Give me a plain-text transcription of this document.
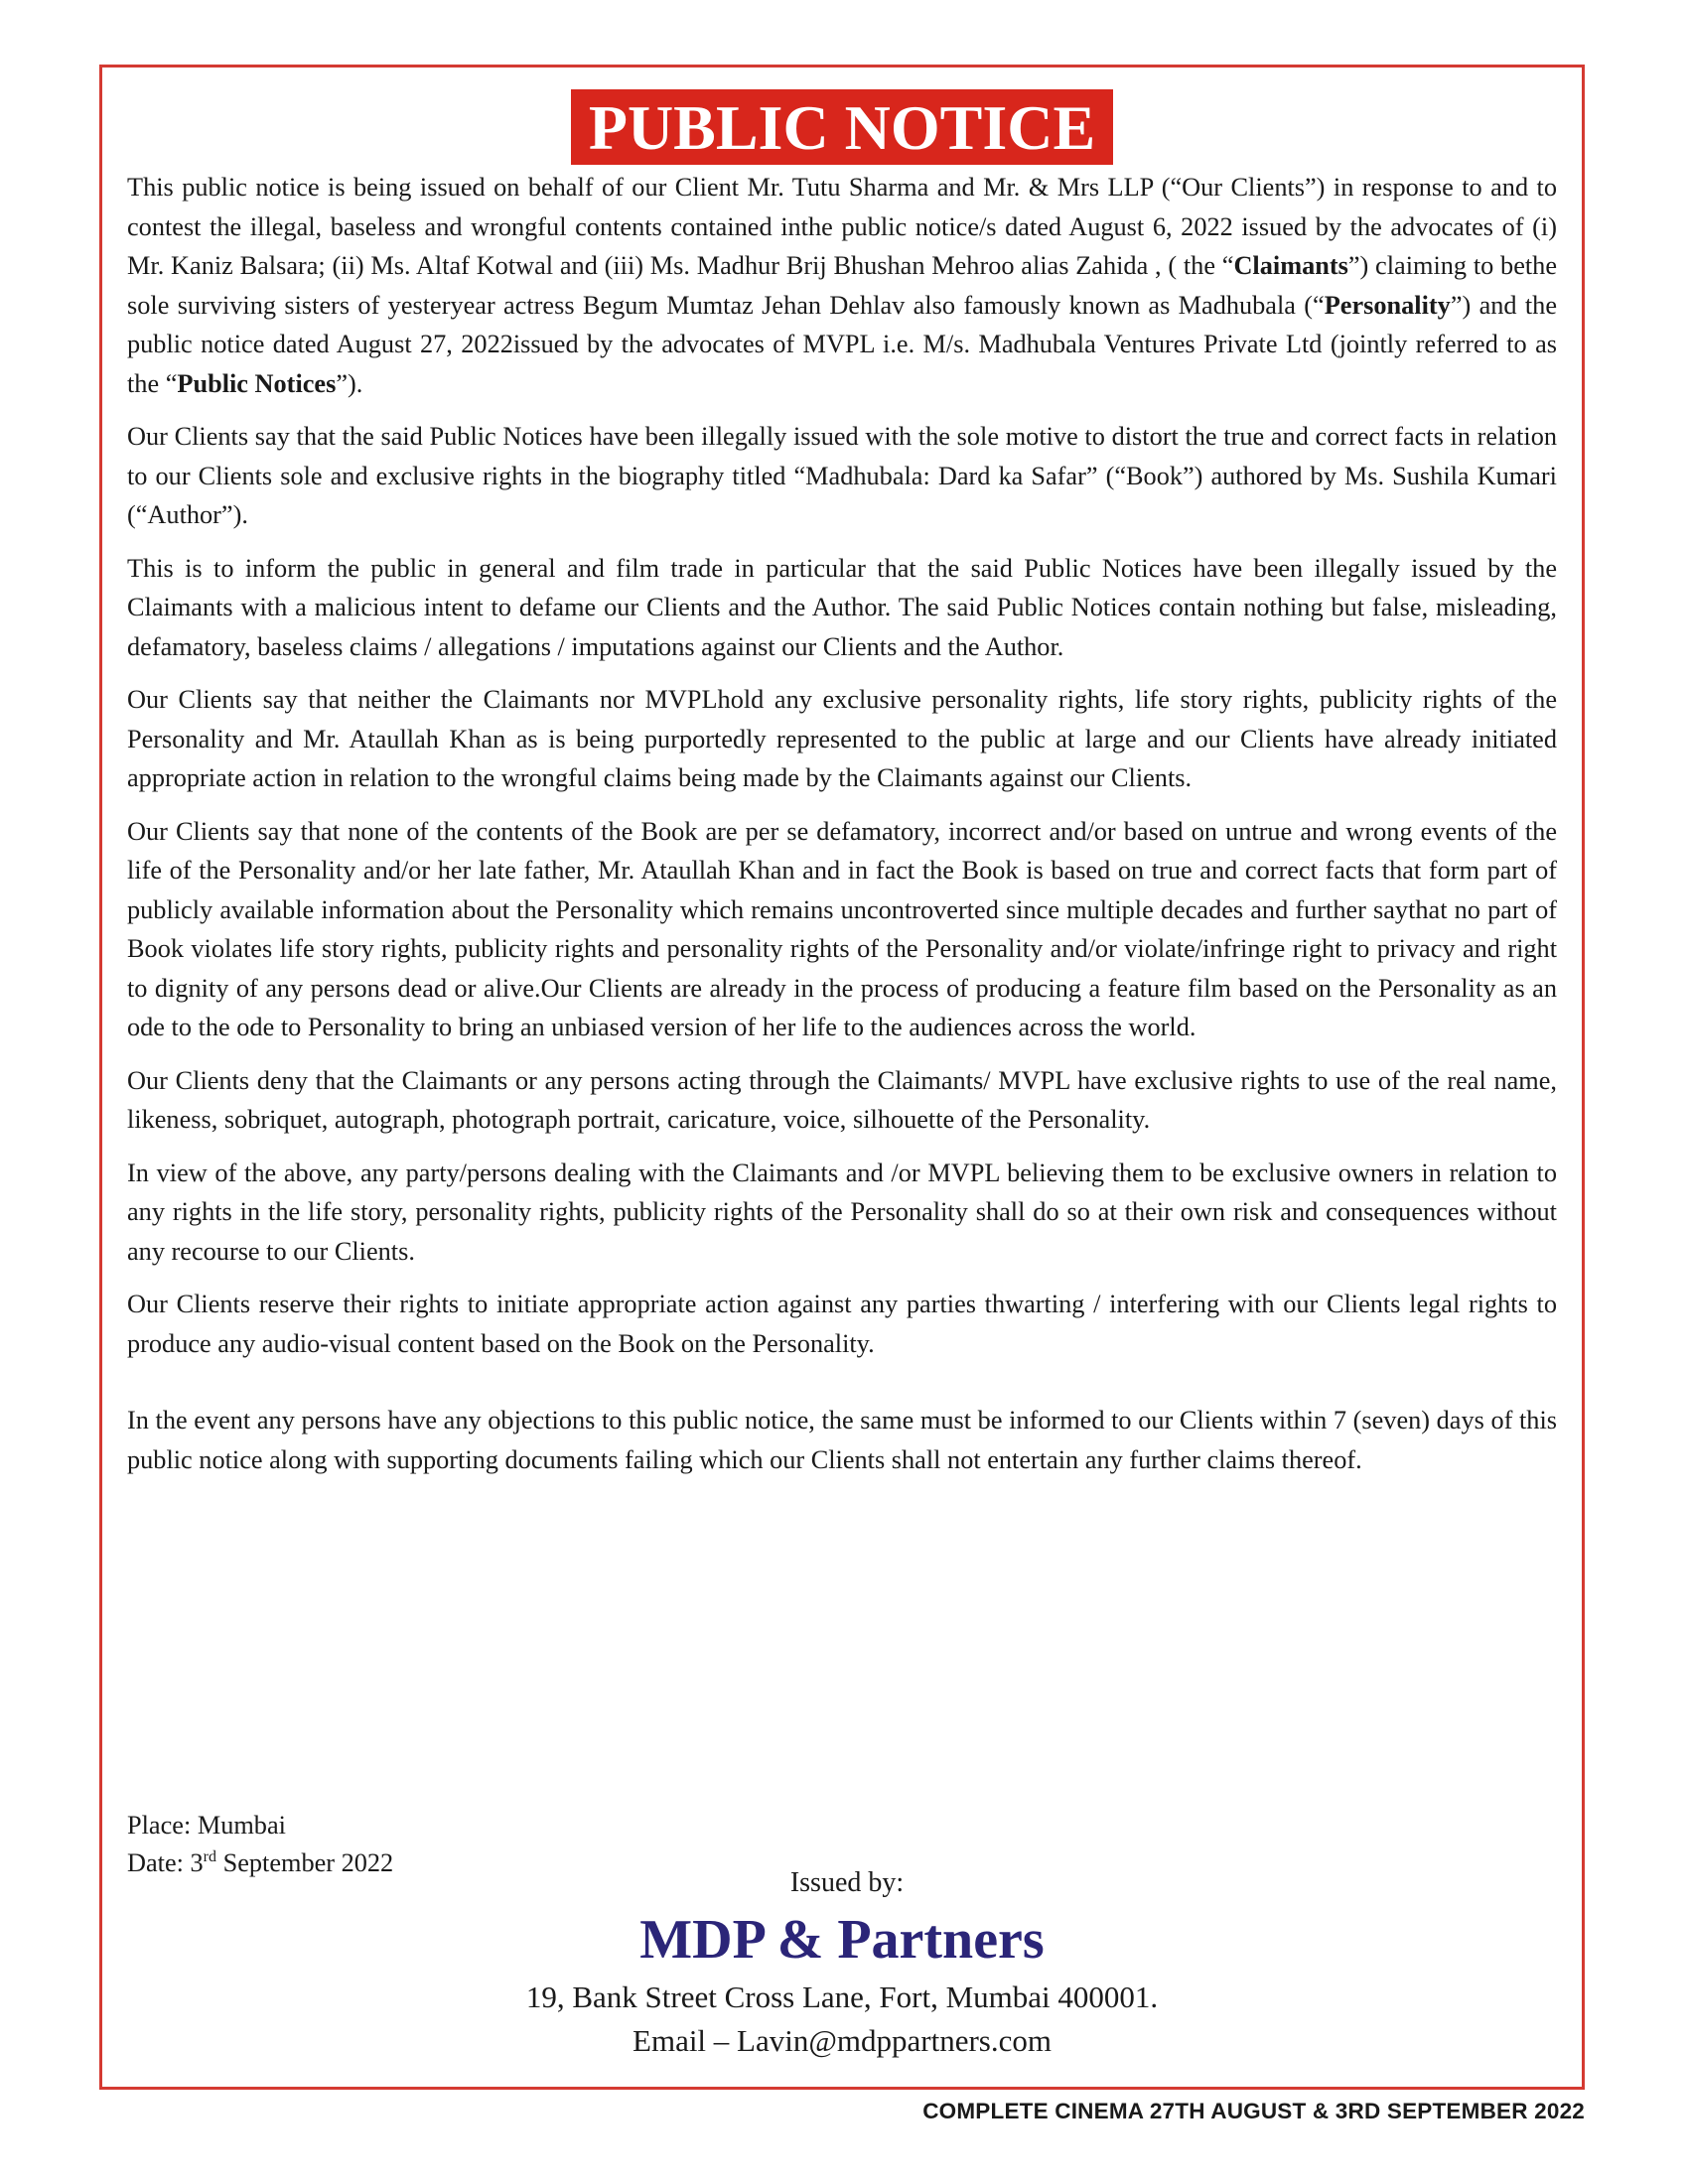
PUBLIC NOTICE

This public notice is being issued on behalf of our Client Mr. Tutu Sharma and Mr. & Mrs LLP (“Our Clients”) in response to and to contest the illegal, baseless and wrongful contents contained inthe public notice/s dated August 6, 2022 issued by the advocates of (i) Mr. Kaniz Balsara; (ii) Ms. Altaf Kotwal and (iii) Ms. Madhur Brij Bhushan Mehroo alias Zahida , ( the “Claimants”) claiming to bethe sole surviving sisters of yesteryear actress Begum Mumtaz Jehan Dehlav also famously known as Madhubala (“Personality”) and the public notice dated August 27, 2022issued by the advocates of MVPL i.e. M/s. Madhubala Ventures Private Ltd (jointly referred to as the “Public Notices”).

Our Clients say that the said Public Notices have been illegally issued with the sole motive to distort the true and correct facts in relation to our Clients sole and exclusive rights in the biography titled “Madhubala: Dard ka Safar” (“Book”) authored by Ms. Sushila Kumari (“Author”).

This is to inform the public in general and film trade in particular that the said Public Notices have been illegally issued by the Claimants with a malicious intent to defame our Clients and the Author. The said Public Notices contain nothing but false, misleading, defamatory, baseless claims / allegations / imputations against our Clients and the Author.

Our Clients say that neither the Claimants nor MVPLhold any exclusive personality rights, life story rights, publicity rights of the Personality and Mr. Ataullah Khan as is being purportedly represented to the public at large and our Clients have already initiated appropriate action in relation to the wrongful claims being made by the Claimants against our Clients.

Our Clients say that none of the contents of the Book are per se defamatory, incorrect and/or based on untrue and wrong events of the life of the Personality and/or her late father, Mr. Ataullah Khan and in fact the Book is based on true and correct facts that form part of publicly available information about the Personality which remains uncontroverted since multiple decades and further saythat no part of Book violates life story rights, publicity rights and personality rights of the Personality and/or violate/infringe right to privacy and right to dignity of any persons dead or alive.Our Clients are already in the process of producing a feature film based on the Personality as an ode to the ode to Personality to bring an unbiased version of her life to the audiences across the world.

Our Clients deny that the Claimants or any persons acting through the Claimants/ MVPL have exclusive rights to use of the real name, likeness, sobriquet, autograph, photograph portrait, caricature, voice, silhouette of the Personality.

In view of the above, any party/persons dealing with the Claimants and /or MVPL believing them to be exclusive owners in relation to any rights in the life story, personality rights, publicity rights of the Personality shall do so at their own risk and consequences without any recourse to our Clients.

Our Clients reserve their rights to initiate appropriate action against any parties thwarting / interfering with our Clients legal rights to produce any audio-visual content based on the Book on the Personality.

In the event any persons have any objections to this public notice, the same must be informed to our Clients within 7 (seven) days of this public notice along with supporting documents failing which our Clients shall not entertain any further claims thereof.

Place: Mumbai
Date: 3rd September 2022
Issued by:
MDP & Partners
19, Bank Street Cross Lane, Fort, Mumbai 400001.
Email – Lavin@mdppartners.com
COMPLETE CINEMA 27TH AUGUST & 3RD SEPTEMBER 2022
